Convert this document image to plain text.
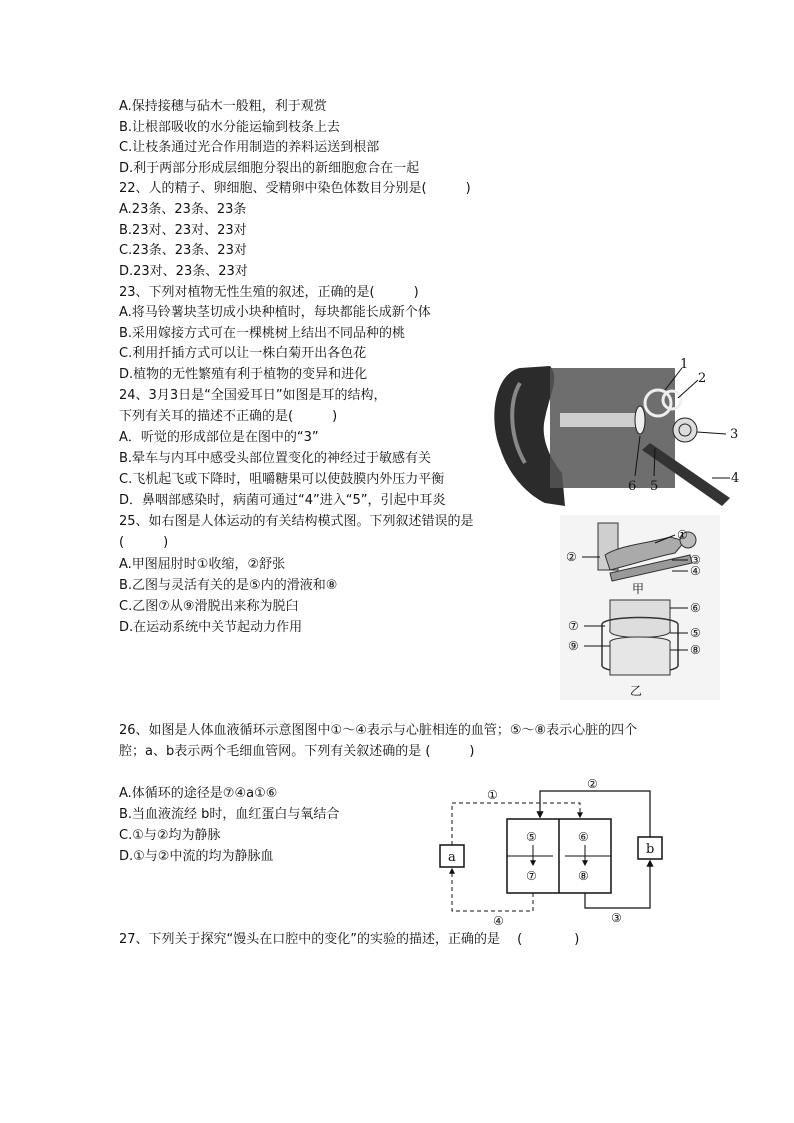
A.保持接穗与砧木一般粗，利于观赏
B.让根部吸收的水分能运输到枝条上去
C.让枝条通过光合作用制造的养料运送到根部
D.利于两部分形成层细胞分裂出的新细胞愈合在一起
22、人的精子、卵细胞、受精卵中染色体数目分别是(　　　)
A.23条、23条、23条
B.23对、23对、23对
C.23条、23条、23对
D.23对、23条、23对
23、下列对植物无性生殖的叙述，正确的是(　　　)
A.将马铃薯块茎切成小块种植时，每块都能长成新个体
B.采用嫁接方式可在一棵桃树上结出不同品种的桃
C.利用扦插方式可以让一株白菊开出各色花
D.植物的无性繁殖有利于植物的变异和进化
24、3月3日是“全国爱耳日”如图是耳的结构，
下列有关耳的描述不正确的是(　　　)
A．听觉的形成部位是在图中的“3”
B.晕车与内耳中感受头部位置变化的神经过于敏感有关
C.飞机起飞或下降时，咀嚼糖果可以使鼓膜内外压力平衡
D．鼻咽部感染时，病菌可通过“4”进入“5”，引起中耳炎
25、如右图是人体运动的有关结构模式图。下列叙述错误的是
(　　　)
A.甲图屈肘时①收缩，②舒张
B.乙图与灵活有关的是⑤内的滑液和⑧
C.乙图⑦从⑨滑脱出来称为脱臼
D.在运动系统中关节起动力作用
26、如图是人体血液循环示意图图中①～④表示与心脏相连的血管；⑤～⑧表示心脏的四个
腔；a、b表示两个毛细血管网。下列有关叙述确的是 (　　　)
A.体循环的途径是⑦④a①⑥
B.当血液流经 b时，血红蛋白与氧结合
C.①与②均为静脉
D.①与②中流的均为静脉血
27、下列关于探究“馒头在口腔中的变化”的实验的描述，正确的是　 (　　　　)
1
2
3
4
5
6
①
②	③
④
甲
⑥
⑦	⑤
⑨	⑧
乙
⑤	⑥
⑦	⑧
a
b
①
②
③
④
